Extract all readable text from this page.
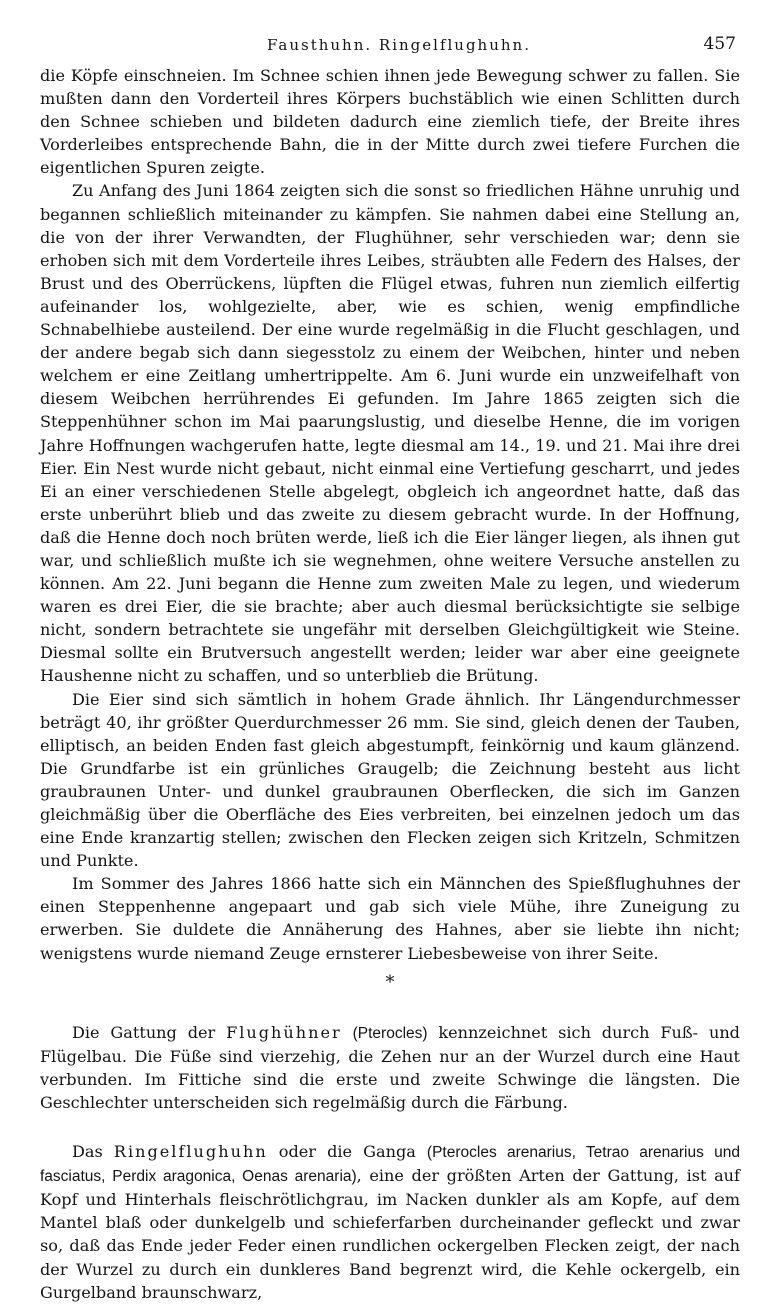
Fausthuhn. Ringelflughuhn.	457

die Köpfe einschneien. Im Schnee schien ihnen jede Bewegung schwer zu fallen. Sie mußten dann den Vorderteil ihres Körpers buchstäblich wie einen Schlitten durch den Schnee schieben und bildeten dadurch eine ziemlich tiefe, der Breite ihres Vorderleibes entsprechende Bahn, die in der Mitte durch zwei tiefere Furchen die eigentlichen Spuren zeigte.

Zu Anfang des Juni 1864 zeigten sich die sonst so friedlichen Hähne unruhig und begannen schließlich miteinander zu kämpfen. Sie nahmen dabei eine Stellung an, die von der ihrer Verwandten, der Flughühner, sehr verschieden war; denn sie erhoben sich mit dem Vorderteile ihres Leibes, sträubten alle Federn des Halses, der Brust und des Oberrückens, lüpften die Flügel etwas, fuhren nun ziemlich eilfertig aufeinander los, wohlgezielte, aber, wie es schien, wenig empfindliche Schnabelhiebe austeilend. Der eine wurde regelmäßig in die Flucht geschlagen, und der andere begab sich dann siegesstolz zu einem der Weibchen, hinter und neben welchem er eine Zeitlang umhertrippelte. Am 6. Juni wurde ein unzweifelhaft von diesem Weibchen herrührendes Ei gefunden. Im Jahre 1865 zeigten sich die Steppenhühner schon im Mai paarungslustig, und dieselbe Henne, die im vorigen Jahre Hoffnungen wachgerufen hatte, legte diesmal am 14., 19. und 21. Mai ihre drei Eier. Ein Nest wurde nicht gebaut, nicht einmal eine Vertiefung gescharrt, und jedes Ei an einer verschiedenen Stelle abgelegt, obgleich ich angeordnet hatte, daß das erste unberührt blieb und das zweite zu diesem gebracht wurde. In der Hoffnung, daß die Henne doch noch brüten werde, ließ ich die Eier länger liegen, als ihnen gut war, und schließlich mußte ich sie wegnehmen, ohne weitere Versuche anstellen zu können. Am 22. Juni begann die Henne zum zweiten Male zu legen, und wiederum waren es drei Eier, die sie brachte; aber auch diesmal berücksichtigte sie selbige nicht, sondern betrachtete sie ungefähr mit derselben Gleichgültigkeit wie Steine. Diesmal sollte ein Brutversuch angestellt werden; leider war aber eine geeignete Haushenne nicht zu schaffen, und so unterblieb die Brütung.

Die Eier sind sich sämtlich in hohem Grade ähnlich. Ihr Längendurchmesser beträgt 40, ihr größter Querdurchmesser 26 mm. Sie sind, gleich denen der Tauben, elliptisch, an beiden Enden fast gleich abgestumpft, feinkörnig und kaum glänzend. Die Grundfarbe ist ein grünliches Graugelb; die Zeichnung besteht aus licht graubraunen Unter- und dunkel graubraunen Oberflecken, die sich im Ganzen gleichmäßig über die Oberfläche des Eies verbreiten, bei einzelnen jedoch um das eine Ende kranzartig stellen; zwischen den Flecken zeigen sich Kritzeln, Schmitzen und Punkte.

Im Sommer des Jahres 1866 hatte sich ein Männchen des Spießflughuhnes der einen Steppenhenne angepaart und gab sich viele Mühe, ihre Zuneigung zu erwerben. Sie duldete die Annäherung des Hahnes, aber sie liebte ihn nicht; wenigstens wurde niemand Zeuge ernsterer Liebesbeweise von ihrer Seite.

*

Die Gattung der Flughühner (Pterocles) kennzeichnet sich durch Fuß- und Flügelbau. Die Füße sind vierzehig, die Zehen nur an der Wurzel durch eine Haut verbunden. Im Fittiche sind die erste und zweite Schwinge die längsten. Die Geschlechter unterscheiden sich regelmäßig durch die Färbung.

Das Ringelflughuhn oder die Ganga (Pterocles arenarius, Tetrao arenarius und fasciatus, Perdix aragonica, Oenas arenaria), eine der größten Arten der Gattung, ist auf Kopf und Hinterhals fleischrötlichgrau, im Nacken dunkler als am Kopfe, auf dem Mantel blaß oder dunkelgelb und schieferfarben durcheinander gefleckt und zwar so, daß das Ende jeder Feder einen rundlichen ockergelben Flecken zeigt, der nach der Wurzel zu durch ein dunkleres Band begrenzt wird, die Kehle ockergelb, ein Gurgelband braunschwarz,
